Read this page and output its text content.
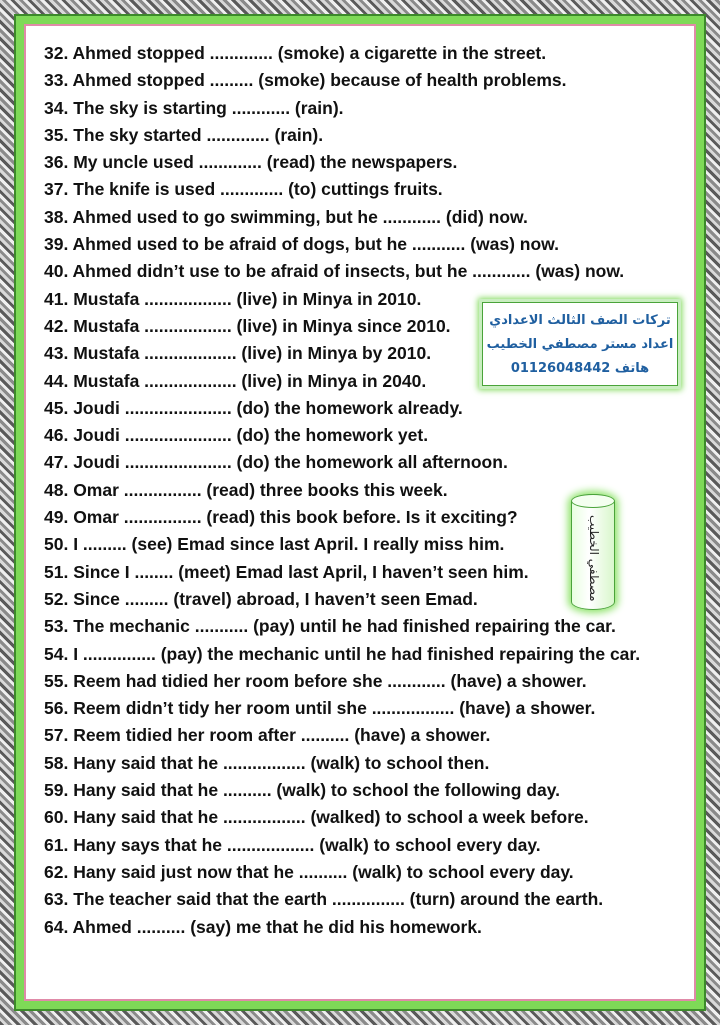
32. Ahmed stopped ............. (smoke) a cigarette in the street.
33. Ahmed stopped ......... (smoke) because of health problems.
34. The sky is starting ............ (rain).
35. The sky started ............. (rain).
36. My uncle used ............. (read) the newspapers.
37. The knife is used ............. (to) cuttings fruits.
38. Ahmed used to go swimming, but he ............ (did) now.
39. Ahmed used to be afraid of dogs, but he ........... (was) now.
40. Ahmed didn’t use to be afraid of insects, but he ............ (was) now.
41. Mustafa .................. (live) in Minya in 2010.
42. Mustafa .................. (live) in Minya since 2010.
43. Mustafa ................... (live) in Minya by 2010.
44. Mustafa ................... (live) in Minya in 2040.
45. Joudi ...................... (do) the homework already.
46. Joudi ...................... (do) the homework yet.
47. Joudi ...................... (do) the homework all afternoon.
48. Omar ................ (read) three books this week.
49. Omar ................ (read) this book before. Is it exciting?
50. I ......... (see) Emad since last April. I really miss him.
51. Since I ........ (meet) Emad last April, I haven’t seen him.
52. Since ......... (travel) abroad, I haven’t seen Emad.
53. The mechanic ........... (pay) until he had finished repairing the car.
54. I ............... (pay) the mechanic until he had finished repairing the car.
55. Reem had tidied her room before she ............ (have) a shower.
56. Reem didn’t tidy her room until she ................. (have) a shower.
57. Reem tidied her room after .......... (have) a shower.
58. Hany said that he ................. (walk) to school then.
59. Hany said that he .......... (walk) to school the following day.
60. Hany said that he ................. (walked) to school a week before.
61. Hany says that he .................. (walk) to school every day.
62. Hany said just now that he .......... (walk) to school every day.
63. The teacher said that the earth ............... (turn) around the earth.
64. Ahmed .......... (say) me that he did his homework.
تركات الصف الثالث الاعدادي
اعداد مستر مصطفي الخطيب
هاتف 01126048442
مصطفي الخطيب
